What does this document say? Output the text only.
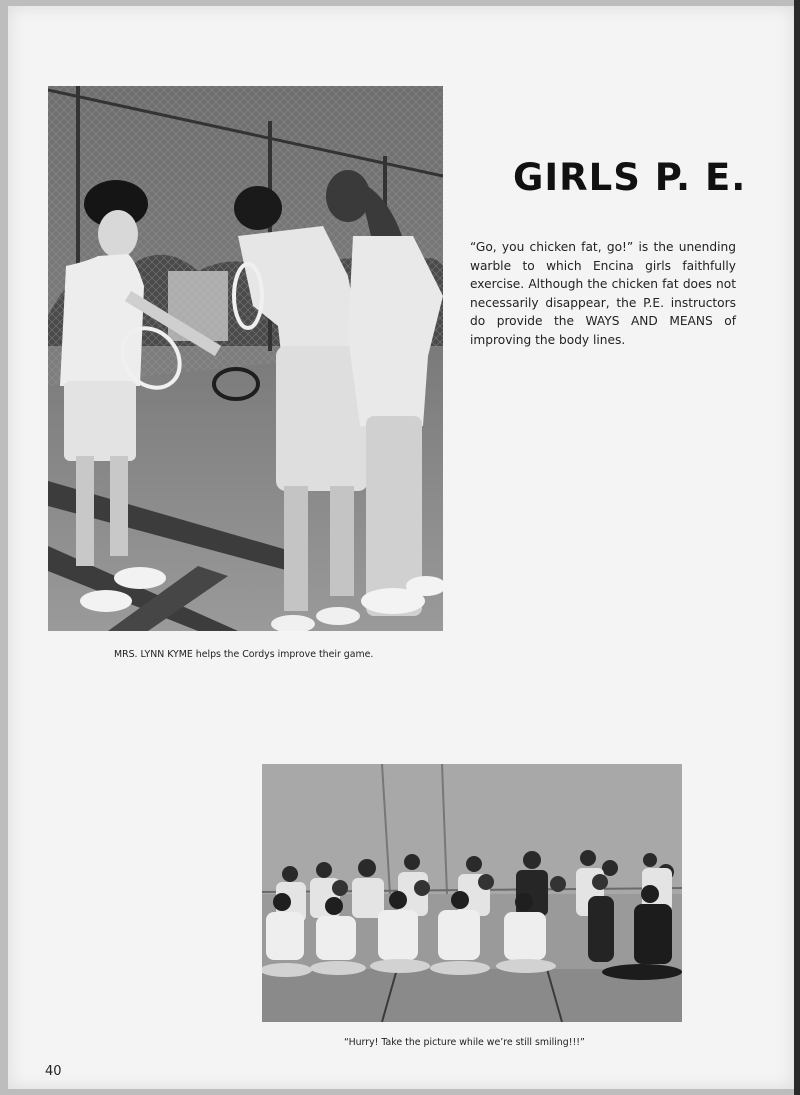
GIRLS P. E.
“Go, you chicken fat, go!” is the unending warble to which Encina girls faithfully exercise. Although the chicken fat does not necessarily disappear, the P.E. instructors do provide the WAYS AND MEANS of improving the body lines.
MRS. LYNN KYME helps the Cordys improve their game.
“Hurry! Take the picture while we’re still smiling!!!”
40
